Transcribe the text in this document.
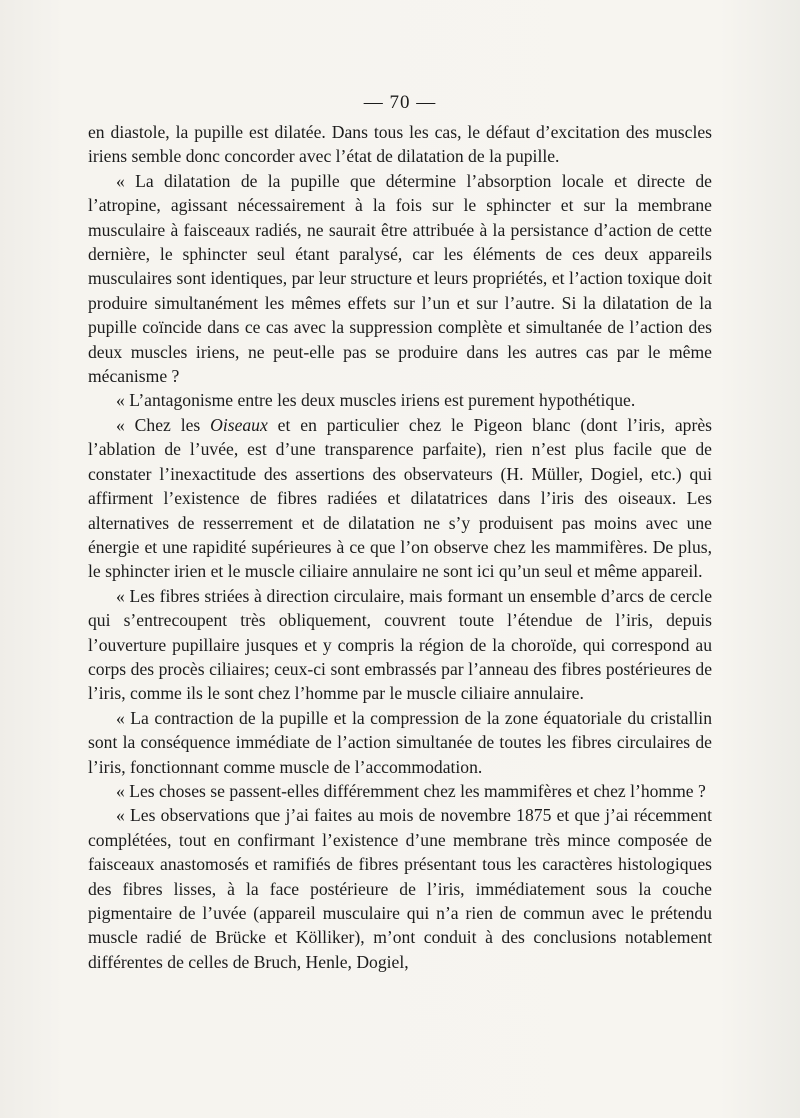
— 70 —

en diastole, la pupille est dilatée. Dans tous les cas, le défaut d’excitation des muscles iriens semble donc concorder avec l’état de dilatation de la pupille.

« La dilatation de la pupille que détermine l’absorption locale et directe de l’atropine, agissant nécessairement à la fois sur le sphincter et sur la membrane musculaire à faisceaux radiés, ne saurait être attribuée à la persistance d’action de cette dernière, le sphincter seul étant paralysé, car les éléments de ces deux appareils musculaires sont identiques, par leur structure et leurs propriétés, et l’action toxique doit produire simultanément les mêmes effets sur l’un et sur l’autre. Si la dilatation de la pupille coïncide dans ce cas avec la suppression complète et simultanée de l’action des deux muscles iriens, ne peut-elle pas se produire dans les autres cas par le même mécanisme ?

« L’antagonisme entre les deux muscles iriens est purement hypothétique.

« Chez les Oiseaux et en particulier chez le Pigeon blanc (dont l’iris, après l’ablation de l’uvée, est d’une transparence parfaite), rien n’est plus facile que de constater l’inexactitude des assertions des observateurs (H. Müller, Dogiel, etc.) qui affirment l’existence de fibres radiées et dilatatrices dans l’iris des oiseaux. Les alternatives de resserrement et de dilatation ne s’y produisent pas moins avec une énergie et une rapidité supérieures à ce que l’on observe chez les mammifères. De plus, le sphincter irien et le muscle ciliaire annulaire ne sont ici qu’un seul et même appareil.

« Les fibres striées à direction circulaire, mais formant un ensemble d’arcs de cercle qui s’entrecoupent très obliquement, couvrent toute l’étendue de l’iris, depuis l’ouverture pupillaire jusques et y compris la région de la choroïde, qui correspond au corps des procès ciliaires; ceux-ci sont embrassés par l’anneau des fibres postérieures de l’iris, comme ils le sont chez l’homme par le muscle ciliaire annulaire.

« La contraction de la pupille et la compression de la zone équatoriale du cristallin sont la conséquence immédiate de l’action simultanée de toutes les fibres circulaires de l’iris, fonctionnant comme muscle de l’accommodation.

« Les choses se passent-elles différemment chez les mammifères et chez l’homme ?

« Les observations que j’ai faites au mois de novembre 1875 et que j’ai récemment complétées, tout en confirmant l’existence d’une membrane très mince composée de faisceaux anastomosés et ramifiés de fibres présentant tous les caractères histologiques des fibres lisses, à la face postérieure de l’iris, immédiatement sous la couche pigmentaire de l’uvée (appareil musculaire qui n’a rien de commun avec le prétendu muscle radié de Brücke et Kölliker), m’ont conduit à des conclusions notablement différentes de celles de Bruch, Henle, Dogiel,
